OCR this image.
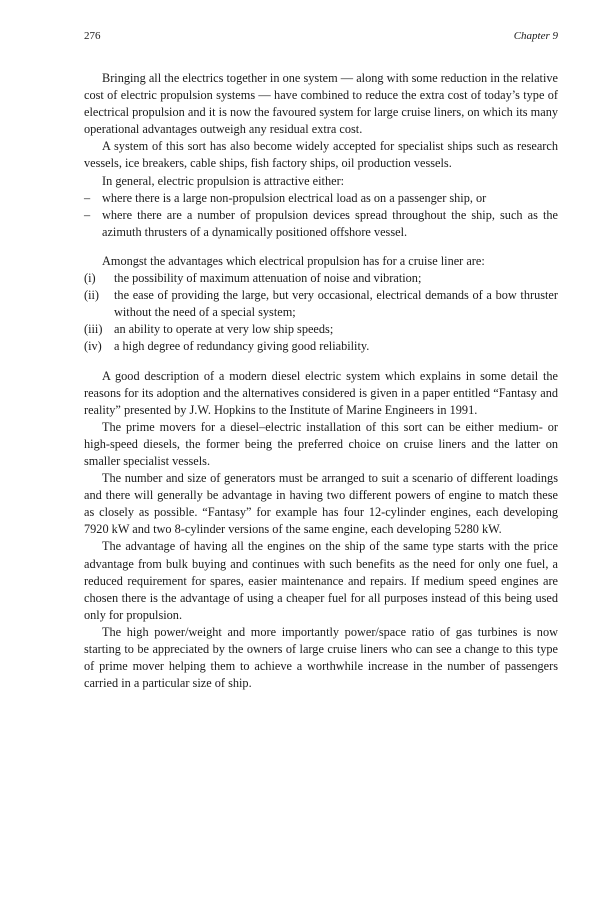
276	Chapter 9

Bringing all the electrics together in one system — along with some reduction in the relative cost of electric propulsion systems — have combined to reduce the extra cost of today’s type of electrical propulsion and it is now the favoured system for large cruise liners, on which its many operational advantages outweigh any residual extra cost.

A system of this sort has also become widely accepted for specialist ships such as research vessels, ice breakers, cable ships, fish factory ships, oil production vessels.

In general, electric propulsion is attractive either:

– where there is a large non-propulsion electrical load as on a passenger ship, or
– where there are a number of propulsion devices spread throughout the ship, such as the azimuth thrusters of a dynamically positioned offshore vessel.

Amongst the advantages which electrical propulsion has for a cruise liner are:

(i)	the possibility of maximum attenuation of noise and vibration;
(ii)	the ease of providing the large, but very occasional, electrical demands of a bow thruster without the need of a special system;
(iii) an ability to operate at very low ship speeds;
(iv) a high degree of redundancy giving good reliability.

A good description of a modern diesel electric system which explains in some detail the reasons for its adoption and the alternatives considered is given in a paper entitled “Fantasy and reality” presented by J.W. Hopkins to the Institute of Marine Engineers in 1991.

The prime movers for a diesel–electric installation of this sort can be either medium- or high-speed diesels, the former being the preferred choice on cruise liners and the latter on smaller specialist vessels.

The number and size of generators must be arranged to suit a scenario of different loadings and there will generally be advantage in having two different powers of engine to match these as closely as possible. “Fantasy” for example has four 12-cylinder engines, each developing 7920 kW and two 8-cylinder versions of the same engine, each developing 5280 kW.

The advantage of having all the engines on the ship of the same type starts with the price advantage from bulk buying and continues with such benefits as the need for only one fuel, a reduced requirement for spares, easier maintenance and repairs. If medium speed engines are chosen there is the advantage of using a cheaper fuel for all purposes instead of this being used only for propulsion.

The high power/weight and more importantly power/space ratio of gas turbines is now starting to be appreciated by the owners of large cruise liners who can see a change to this type of prime mover helping them to achieve a worthwhile increase in the number of passengers carried in a particular size of ship.
